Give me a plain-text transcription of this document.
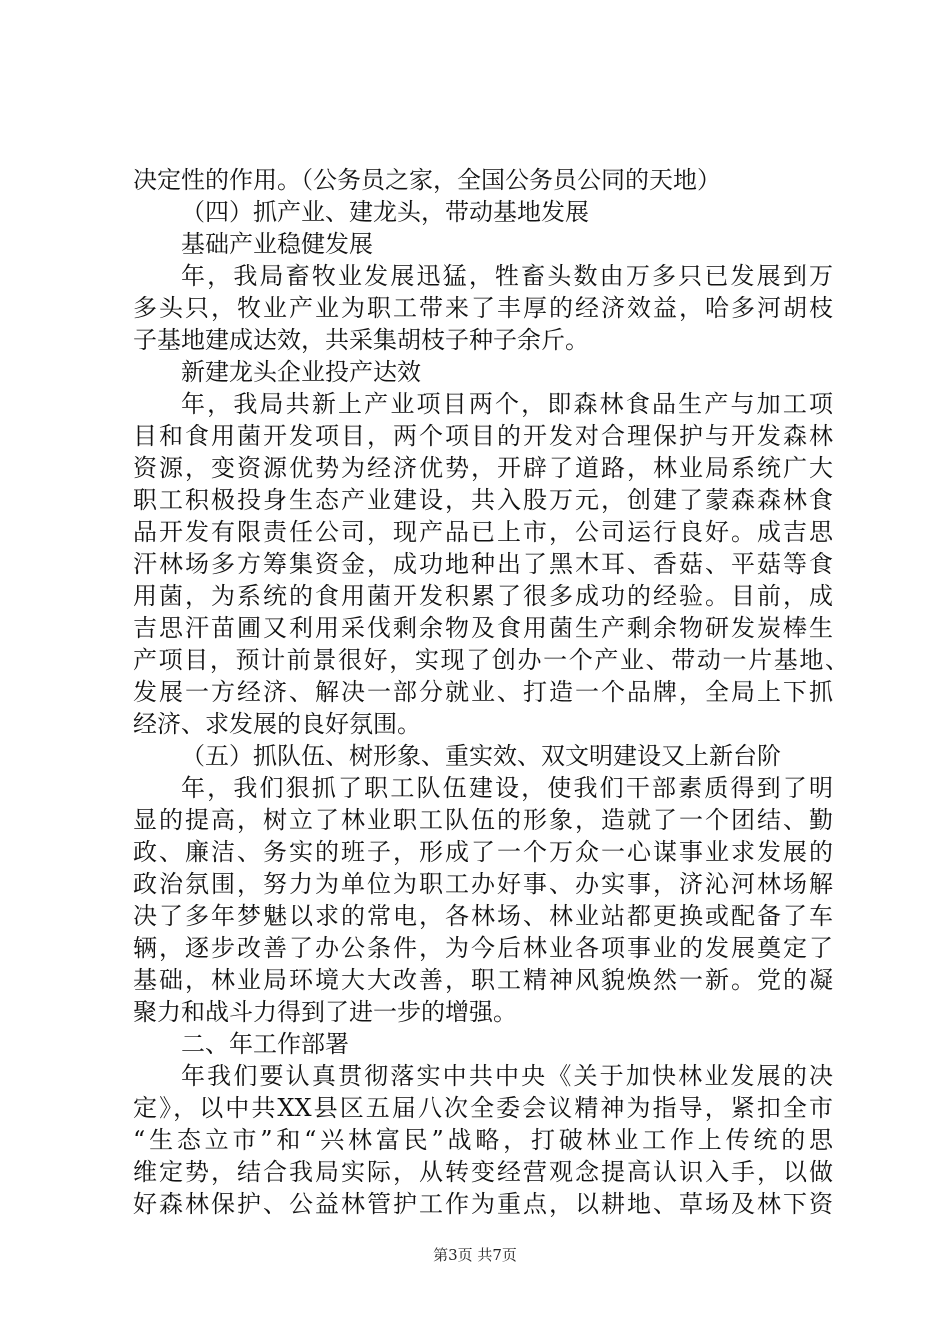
决定性的作用。（公务员之家，全国公务员公同的天地）
（四）抓产业、建龙头，带动基地发展
基础产业稳健发展
年，我局畜牧业发展迅猛，牲畜头数由万多只已发展到万
多头只，牧业产业为职工带来了丰厚的经济效益，哈多河胡枝
子基地建成达效，共采集胡枝子种子余斤。
新建龙头企业投产达效
年，我局共新上产业项目两个，即森林食品生产与加工项
目和食用菌开发项目，两个项目的开发对合理保护与开发森林
资源，变资源优势为经济优势，开辟了道路，林业局系统广大
职工积极投身生态产业建设，共入股万元，创建了蒙森森林食
品开发有限责任公司，现产品已上市，公司运行良好。成吉思
汗林场多方筹集资金，成功地种出了黑木耳、香菇、平菇等食
用菌，为系统的食用菌开发积累了很多成功的经验。目前，成
吉思汗苗圃又利用采伐剩余物及食用菌生产剩余物研发炭棒生
产项目，预计前景很好，实现了创办一个产业、带动一片基地、
发展一方经济、解决一部分就业、打造一个品牌，全局上下抓
经济、求发展的良好氛围。
（五）抓队伍、树形象、重实效、双文明建设又上新台阶
年，我们狠抓了职工队伍建设，使我们干部素质得到了明
显的提高，树立了林业职工队伍的形象，造就了一个团结、勤
政、廉洁、务实的班子，形成了一个万众一心谋事业求发展的
政治氛围，努力为单位为职工办好事、办实事，济沁河林场解
决了多年梦魅以求的常电，各林场、林业站都更换或配备了车
辆，逐步改善了办公条件，为今后林业各项事业的发展奠定了
基础，林业局环境大大改善，职工精神风貌焕然一新。党的凝
聚力和战斗力得到了进一步的增强。
二、年工作部署
年我们要认真贯彻落实中共中央《关于加快林业发展的决
定》，以中共XX县区五届八次全委会议精神为指导，紧扣全市
“生态立市”和“兴林富民”战略，打破林业工作上传统的思
维定势，结合我局实际，从转变经营观念提高认识入手，以做
好森林保护、公益林管护工作为重点，以耕地、草场及林下资
第3页 共7页
